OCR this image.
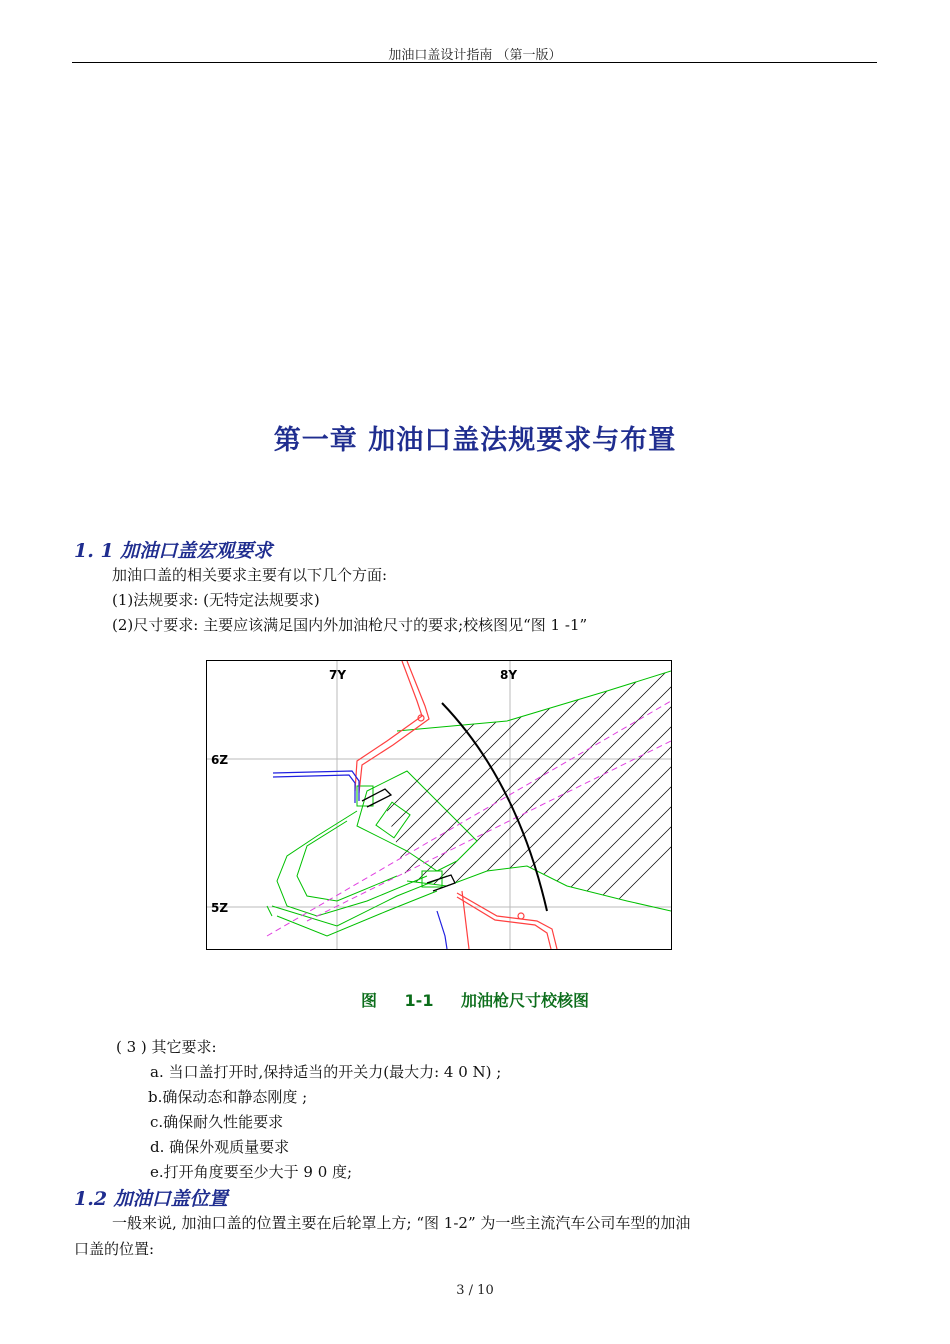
加油口盖设计指南 （第一版）
第一章 加油口盖法规要求与布置
1. 1 加油口盖宏观要求
加油口盖的相关要求主要有以下几个方面:
(1)法规要求: (无特定法规要求)
(2)尺寸要求: 主要应该满足国内外加油枪尺寸的要求;校核图见“图 1 -1”
7Y	8Y
6Z
5Z
图 1-1 加油枪尺寸校核图
( 3 ) 其它要求:
a. 当口盖打开时,保持适当的开关力(最大力: 4 0 N) ;
b.确保动态和静态刚度 ;
c.确保耐久性能要求
d. 确保外观质量要求
e.打开角度要至少大于 9 0 度;
1.2 加油口盖位置
一般来说, 加油口盖的位置主要在后轮罩上方; “图 1-2” 为一些主流汽车公司车型的加油
口盖的位置:
3 / 10
